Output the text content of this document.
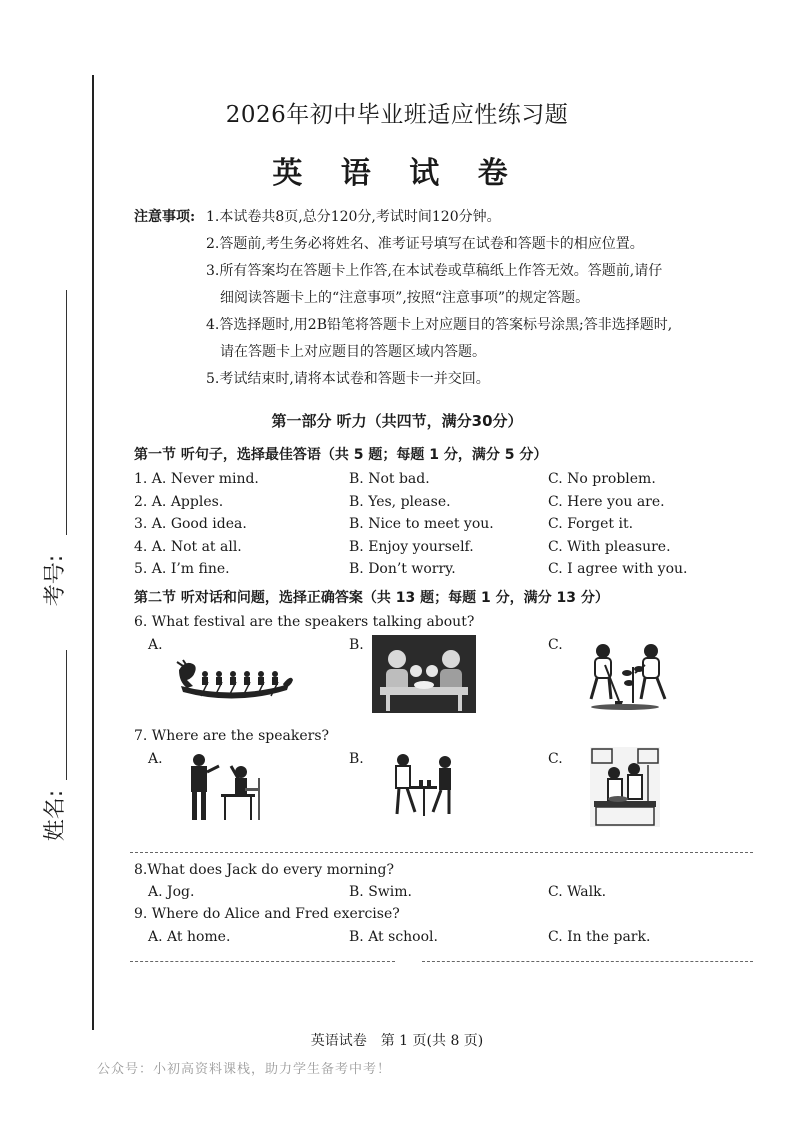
考号:
姓名:
2026年初中毕业班适应性练习题
英 语 试 卷
注意事项: 1.本试卷共8页,总分120分,考试时间120分钟。
2.答题前,考生务必将姓名、准考证号填写在试卷和答题卡的相应位置。
3.所有答案均在答题卡上作答,在本试卷或草稿纸上作答无效。答题前,请仔
细阅读答题卡上的“注意事项”,按照“注意事项”的规定答题。
4.答选择题时,用2B铅笔将答题卡上对应题目的答案标号涂黑;答非选择题时,
请在答题卡上对应题目的答题区域内答题。
5.考试结束时,请将本试卷和答题卡一并交回。
第一部分 听力（共四节，满分30分）
第一节 听句子，选择最佳答语（共 5 题；每题 1 分，满分 5 分）
1. A. Never mind.	B. Not bad.	C. No problem.
2. A. Apples.	B. Yes, please.	C. Here you are.
3. A. Good idea.	B. Nice to meet you.	C. Forget it.
4. A. Not at all.	B. Enjoy yourself.	C. With pleasure.
5. A. I’m fine.	B. Don’t worry.	C. I agree with you.
第二节 听对话和问题，选择正确答案（共 13 题；每题 1 分，满分 13 分）
6. What festival are the speakers talking about?
A.	B.	C.
7. Where are the speakers?
A.	B.	C.
8.What does Jack do every morning?
A. Jog.	B. Swim.	C. Walk.
9. Where do Alice and Fred exercise?
A. At home.	B. At school.	C. In the park.
英语试卷　第 1 页(共 8 页)
公众号：小初高资料课栈，助力学生备考中考！
